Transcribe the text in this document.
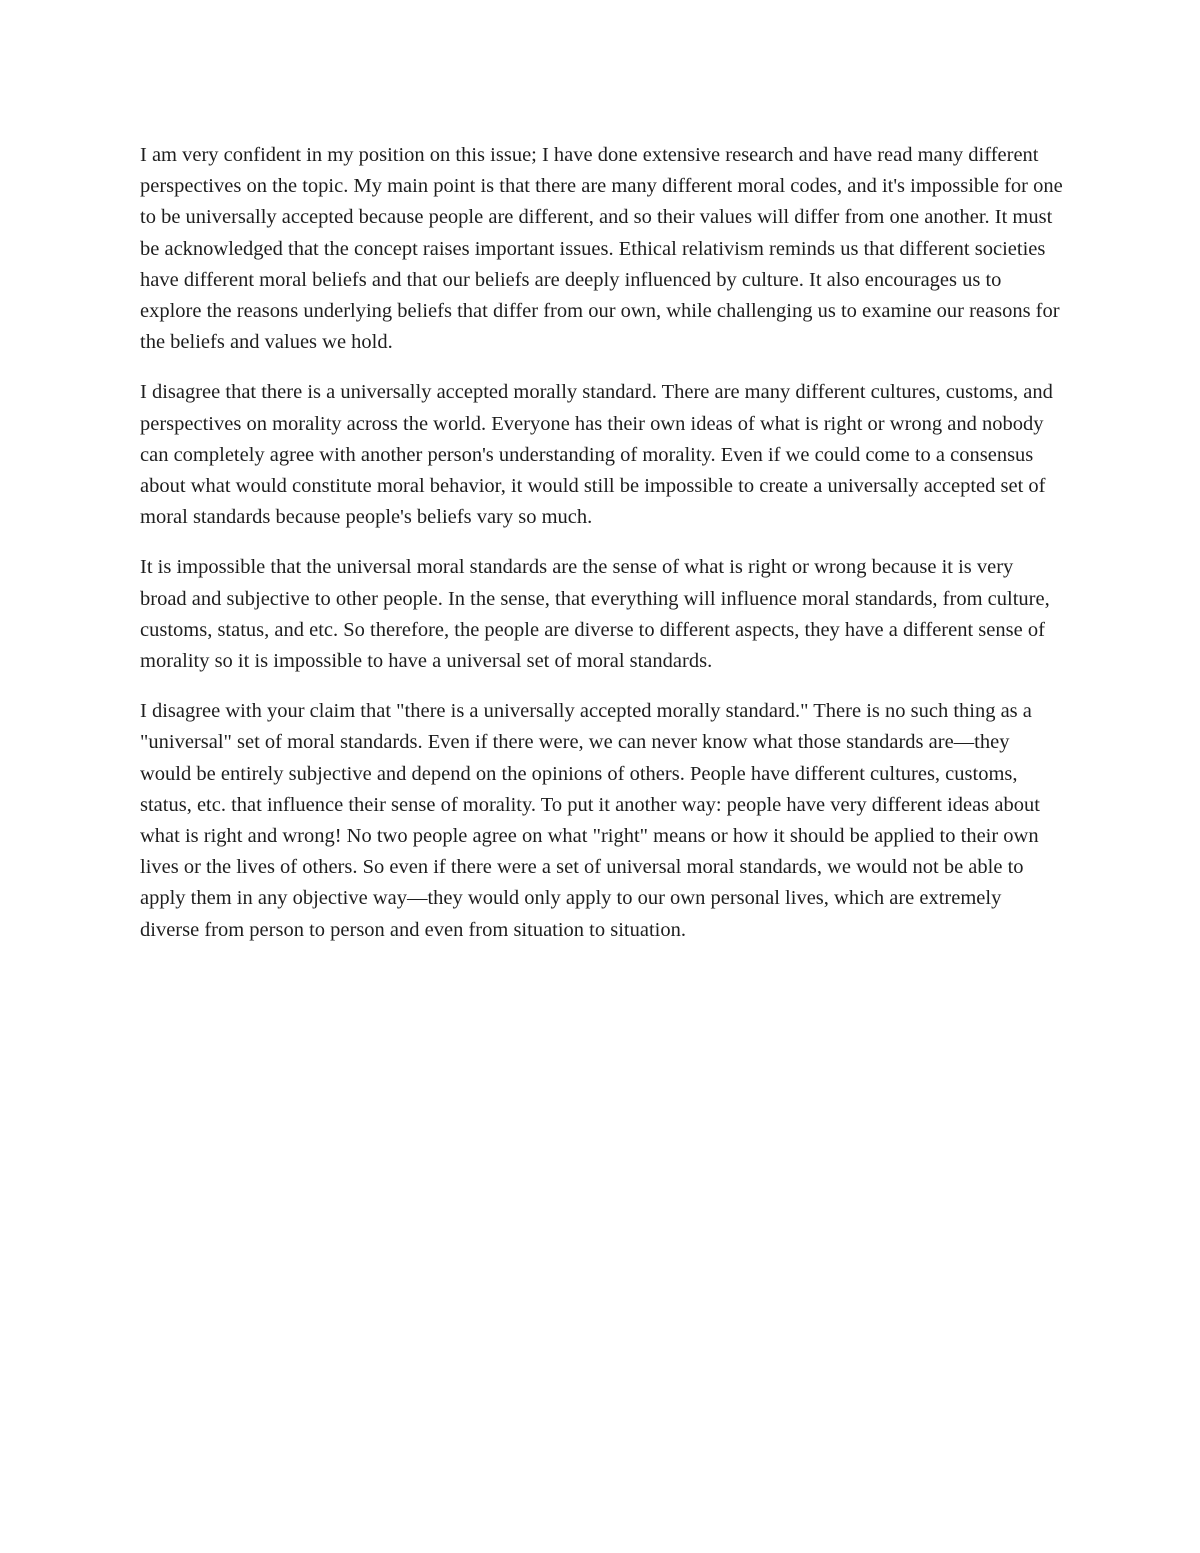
I am very confident in my position on this issue; I have done extensive research and have read many different perspectives on the topic. My main point is that there are many different moral codes, and it's impossible for one to be universally accepted because people are different, and so their values will differ from one another. It must be acknowledged that the concept raises important issues. Ethical relativism reminds us that different societies have different moral beliefs and that our beliefs are deeply influenced by culture. It also encourages us to explore the reasons underlying beliefs that differ from our own, while challenging us to examine our reasons for the beliefs and values we hold.

I disagree that there is a universally accepted morally standard. There are many different cultures, customs, and perspectives on morality across the world. Everyone has their own ideas of what is right or wrong and nobody can completely agree with another person's understanding of morality. Even if we could come to a consensus about what would constitute moral behavior, it would still be impossible to create a universally accepted set of moral standards because people's beliefs vary so much.

It is impossible that the universal moral standards are the sense of what is right or wrong because it is very broad and subjective to other people. In the sense, that everything will influence moral standards, from culture, customs, status, and etc. So therefore, the people are diverse to different aspects, they have a different sense of morality so it is impossible to have a universal set of moral standards.

I disagree with your claim that "there is a universally accepted morally standard." There is no such thing as a "universal" set of moral standards. Even if there were, we can never know what those standards are—they would be entirely subjective and depend on the opinions of others. People have different cultures, customs, status, etc. that influence their sense of morality. To put it another way: people have very different ideas about what is right and wrong! No two people agree on what "right" means or how it should be applied to their own lives or the lives of others. So even if there were a set of universal moral standards, we would not be able to apply them in any objective way—they would only apply to our own personal lives, which are extremely diverse from person to person and even from situation to situation.
